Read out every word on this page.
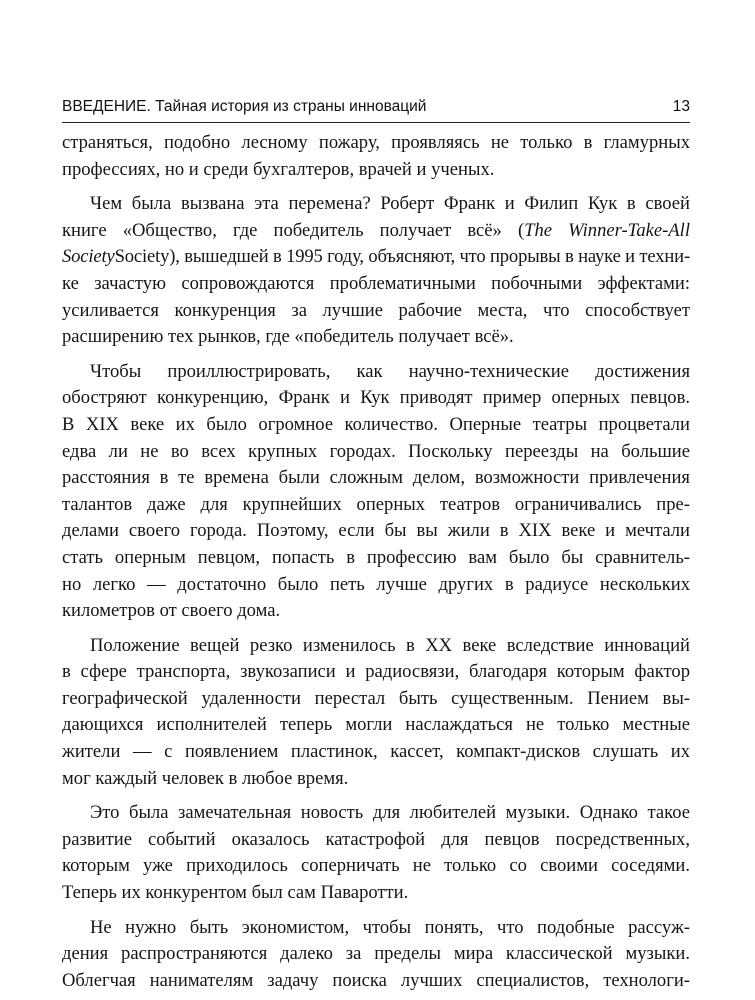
ВВЕДЕНИЕ. Тайная история из страны инноваций	13
страняться, подобно лесному пожару, проявляясь не только в гламурных
профессиях, но и среди бухгалтеров, врачей и ученых.
Чем была вызвана эта перемена? Роберт Франк и Филип Кук в своей
книге «Общество, где победитель получает всё» (The Winner-Take-All
SocietySociety), вышедшей в 1995 году, объясняют, что прорывы в науке и техни-
ке зачастую сопровождаются проблематичными побочными эффектами:
усиливается конкуренция за лучшие рабочие места, что способствует
расширению тех рынков, где «победитель получает всё».
Чтобы проиллюстрировать, как научно-технические достижения
обостряют конкуренцию, Франк и Кук приводят пример оперных певцов.
В XIX веке их было огромное количество. Оперные театры процветали
едва ли не во всех крупных городах. Поскольку переезды на большие
расстояния в те времена были сложным делом, возможности привлечения
талантов даже для крупнейших оперных театров ограничивались пре-
делами своего города. Поэтому, если бы вы жили в XIX веке и мечтали
стать оперным певцом, попасть в профессию вам было бы сравнитель-
но легко — достаточно было петь лучше других в радиусе нескольких
километров от своего дома.
Положение вещей резко изменилось в XX веке вследствие инноваций
в сфере транспорта, звукозаписи и радиосвязи, благодаря которым фактор
географической удаленности перестал быть существенным. Пением вы-
дающихся исполнителей теперь могли наслаждаться не только местные
жители — с появлением пластинок, кассет, компакт-дисков слушать их
мог каждый человек в любое время.
Это была замечательная новость для любителей музыки. Однако такое
развитие событий оказалось катастрофой для певцов посредственных,
которым уже приходилось соперничать не только со своими соседями.
Теперь их конкурентом был сам Паваротти.
Не нужно быть экономистом, чтобы понять, что подобные рассуж-
дения распространяются далеко за пределы мира классической музыки.
Облегчая нанимателям задачу поиска лучших специалистов, технологи-
